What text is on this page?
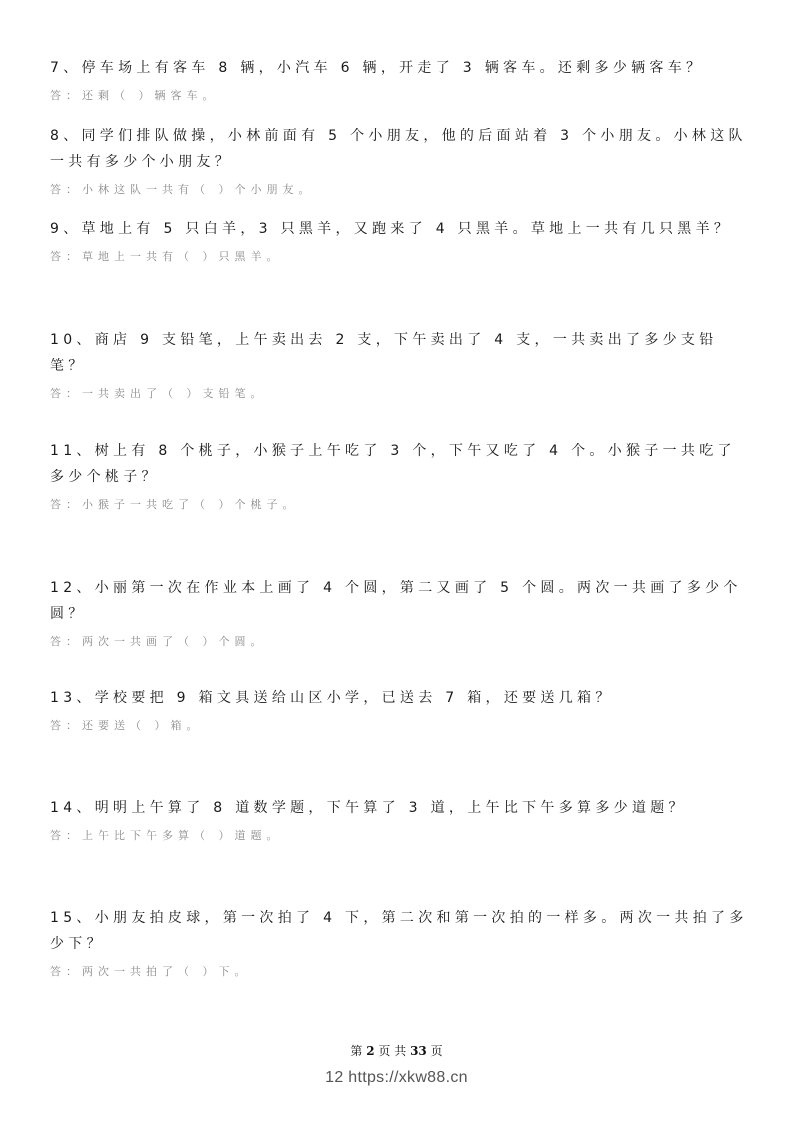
7、停车场上有客车 8 辆，小汽车 6 辆，开走了 3 辆客车。还剩多少辆客车？

答：还剩（ ）辆客车。

8、同学们排队做操，小林前面有 5 个小朋友，他的后面站着 3 个小朋友。小林这队一共有多少个小朋友？

答：小林这队一共有（ ）个小朋友。

9、草地上有 5 只白羊，3 只黑羊，又跑来了 4 只黑羊。草地上一共有几只黑羊？

答：草地上一共有（ ）只黑羊。

10、商店 9 支铅笔，上午卖出去 2 支，下午卖出了 4 支，一共卖出了多少支铅笔？

答：一共卖出了（ ）支铅笔。

11、树上有 8 个桃子，小猴子上午吃了 3 个，下午又吃了 4 个。小猴子一共吃了多少个桃子？

答：小猴子一共吃了（ ）个桃子。

12、小丽第一次在作业本上画了 4 个圆，第二又画了 5 个圆。两次一共画了多少个圆？

答：两次一共画了（ ）个圆。

13、学校要把 9 箱文具送给山区小学，已送去 7 箱，还要送几箱？

答：还要送（ ）箱。

14、明明上午算了 8 道数学题，下午算了 3 道，上午比下午多算多少道题？

答：上午比下午多算（ ）道题。

15、小朋友拍皮球，第一次拍了 4 下，第二次和第一次拍的一样多。两次一共拍了多少下？

答：两次一共拍了（ ）下。

第 2 页 共 33 页
12 https://xkw88.cn
